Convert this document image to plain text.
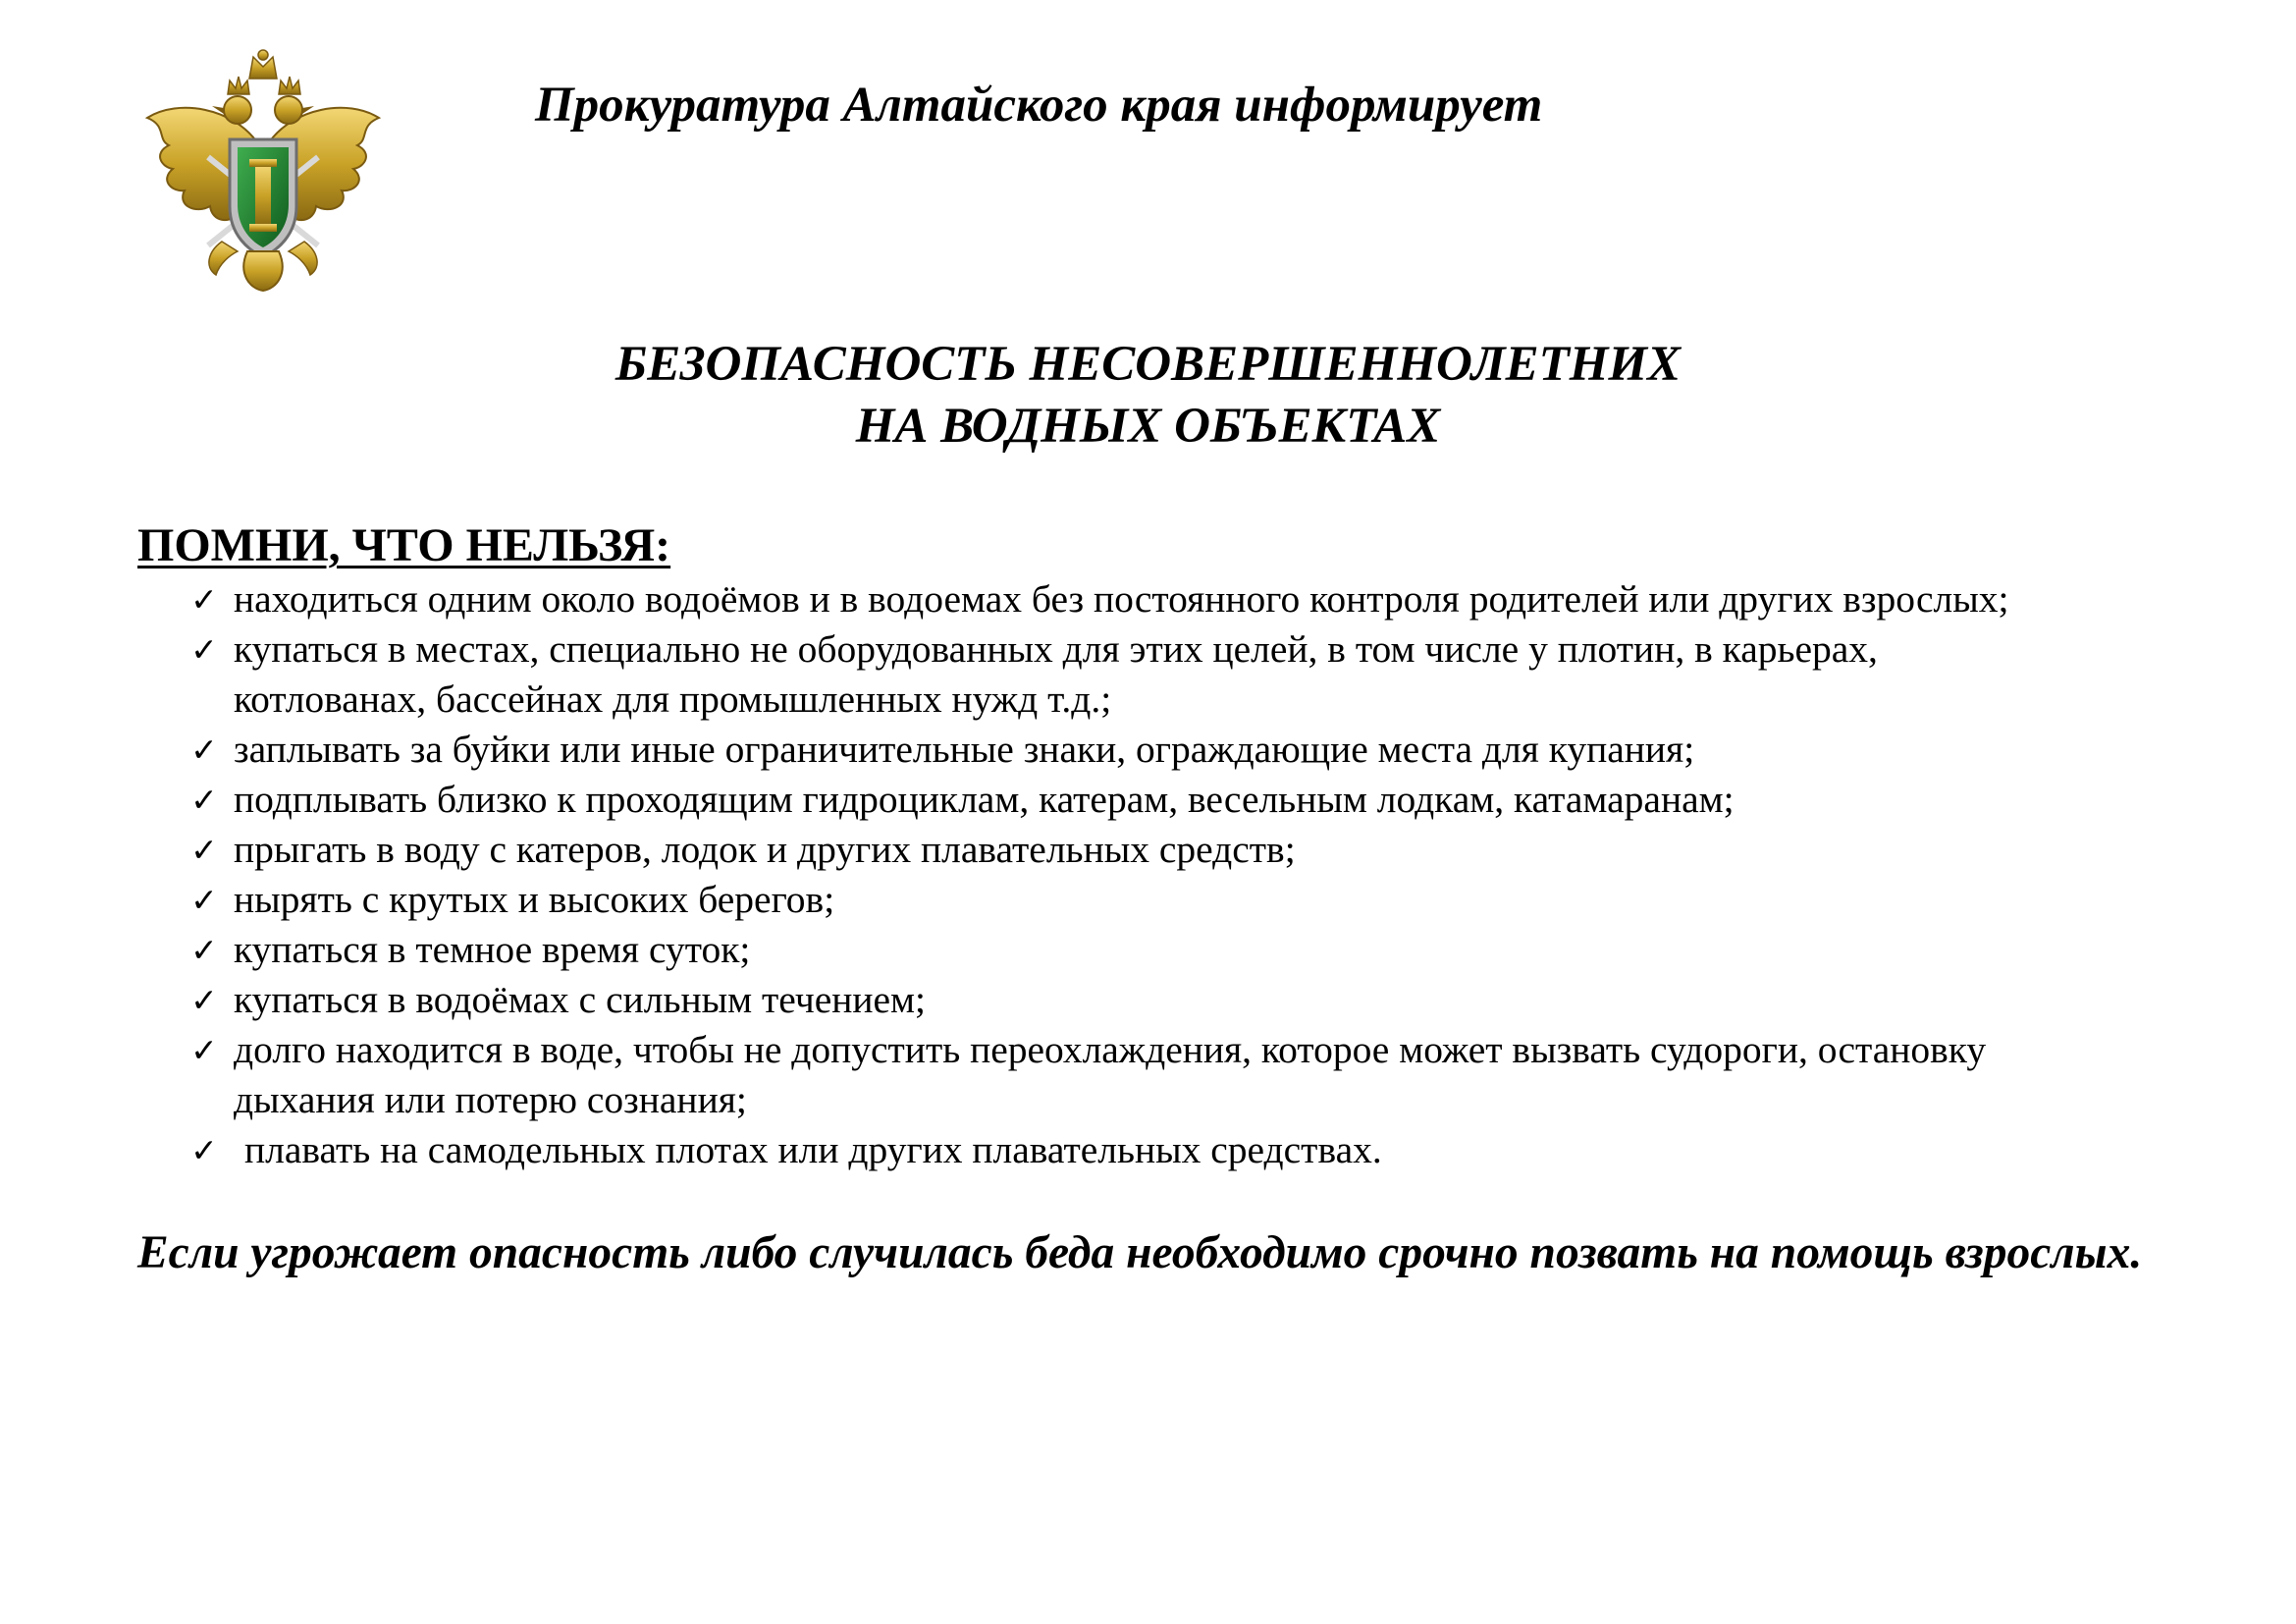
Прокуратура Алтайского края информирует
БЕЗОПАСНОСТЬ НЕСОВЕРШЕННОЛЕТНИХ
НА ВОДНЫХ ОБЪЕКТАХ
ПОМНИ, ЧТО НЕЛЬЗЯ:
✓ находиться одним около водоёмов и в водоемах без постоянного контроля родителей или других взрослых;
✓ купаться в местах, специально не оборудованных для этих целей, в том числе у плотин, в карьерах,
котлованах, бассейнах для промышленных нужд т.д.;
✓ заплывать за буйки или иные ограничительные знаки, ограждающие места для купания;
✓ подплывать близко к проходящим гидроциклам, катерам, весельным лодкам, катамаранам;
✓ прыгать в воду с катеров, лодок и других плавательных средств;
✓ нырять с крутых и высоких берегов;
✓ купаться в темное время суток;
✓ купаться в водоёмах с сильным течением;
✓ долго находится в воде, чтобы не допустить переохлаждения, которое может вызвать судороги, остановку
дыхания или потерю сознания;
✓ плавать на самодельных плотах или других плавательных средствах.
Если угрожает опасность либо случилась беда необходимо срочно позвать на помощь взрослых.
